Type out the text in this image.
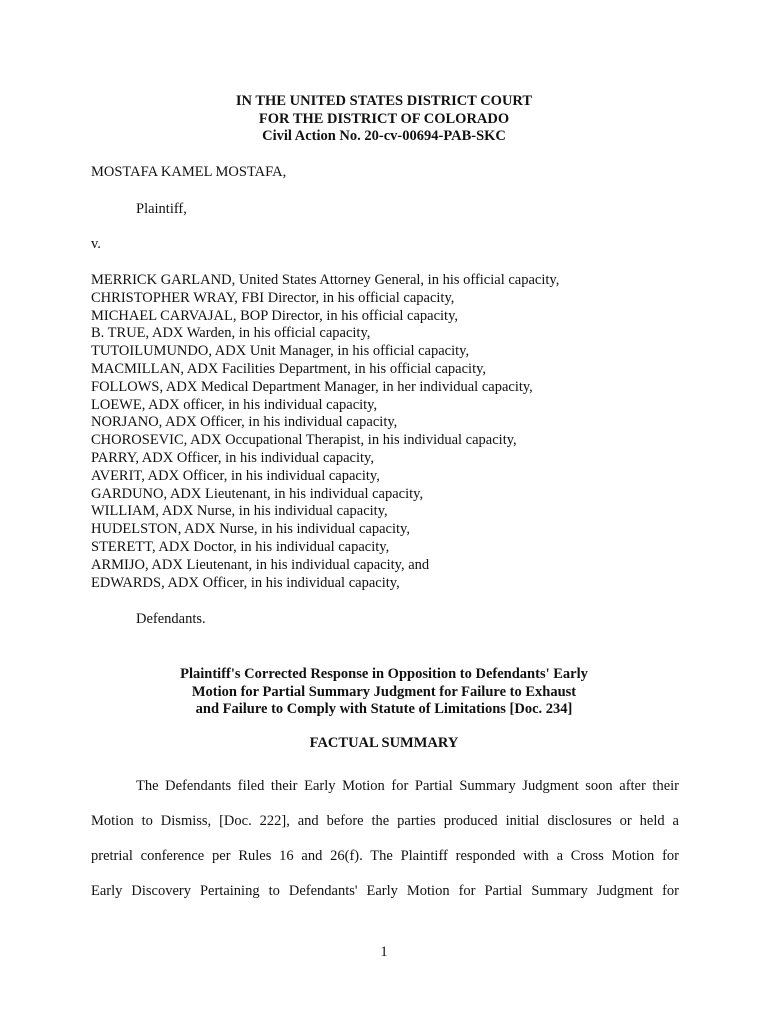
IN THE UNITED STATES DISTRICT COURT
FOR THE DISTRICT OF COLORADO
Civil Action No. 20-cv-00694-PAB-SKC
MOSTAFA KAMEL MOSTAFA,
Plaintiff,
v.
MERRICK GARLAND, United States Attorney General, in his official capacity,
CHRISTOPHER WRAY, FBI Director, in his official capacity,
MICHAEL CARVAJAL, BOP Director, in his official capacity,
B. TRUE, ADX Warden, in his official capacity,
TUTOILUMUNDO, ADX Unit Manager, in his official capacity,
MACMILLAN, ADX Facilities Department, in his official capacity,
FOLLOWS, ADX Medical Department Manager, in her individual capacity,
LOEWE, ADX officer, in his individual capacity,
NORJANO, ADX Officer, in his individual capacity,
CHOROSEVIC, ADX Occupational Therapist, in his individual capacity,
PARRY, ADX Officer, in his individual capacity,
AVERIT, ADX Officer, in his individual capacity,
GARDUNO, ADX Lieutenant, in his individual capacity,
WILLIAM, ADX Nurse, in his individual capacity,
HUDELSTON, ADX Nurse, in his individual capacity,
STERETT, ADX Doctor, in his individual capacity,
ARMIJO, ADX Lieutenant, in his individual capacity, and
EDWARDS, ADX Officer, in his individual capacity,
Defendants.
Plaintiff's Corrected Response in Opposition to Defendants' Early
Motion for Partial Summary Judgment for Failure to Exhaust
and Failure to Comply with Statute of Limitations [Doc. 234]
FACTUAL SUMMARY
The Defendants filed their Early Motion for Partial Summary Judgment soon after their
Motion to Dismiss, [Doc. 222], and before the parties produced initial disclosures or held a
pretrial conference per Rules 16 and 26(f). The Plaintiff responded with a Cross Motion for
Early Discovery Pertaining to Defendants' Early Motion for Partial Summary Judgment for
1
